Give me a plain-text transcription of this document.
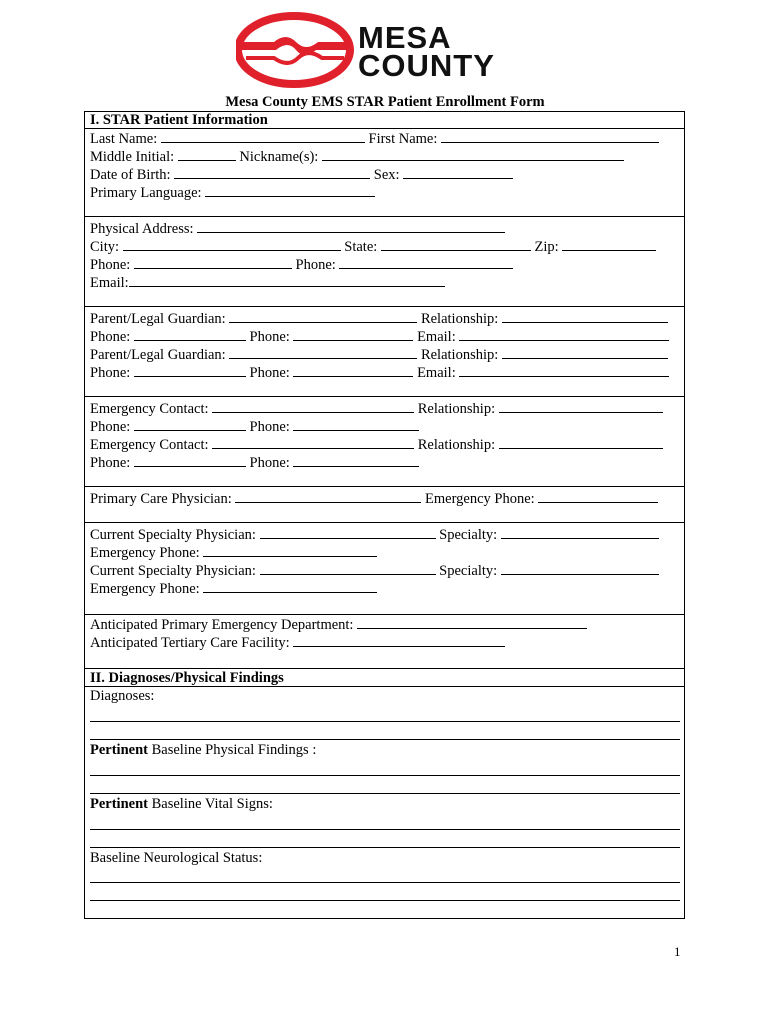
MESA
COUNTY
Mesa County EMS STAR Patient Enrollment Form
I. STAR Patient Information
Last Name:	First Name:
Middle Initial:	Nickname(s):
Date of Birth:	Sex:
Primary Language:
Physical Address:
City:	State:	Zip:
Phone:	Phone:
Email:
Parent/Legal Guardian:	Relationship:
Phone:	Phone:	Email:
Parent/Legal Guardian:	Relationship:
Phone:	Phone:	Email:
Emergency Contact:	Relationship:
Phone:	Phone:
Emergency Contact:	Relationship:
Phone:	Phone:
Primary Care Physician:	Emergency Phone:
Current Specialty Physician:	Specialty:
Emergency Phone:
Current Specialty Physician:	Specialty:
Emergency Phone:
Anticipated Primary Emergency Department:
Anticipated Tertiary Care Facility:
II. Diagnoses/Physical Findings
Diagnoses:
Pertinent Baseline Physical Findings :
Pertinent Baseline Vital Signs:
Baseline Neurological Status:
1
